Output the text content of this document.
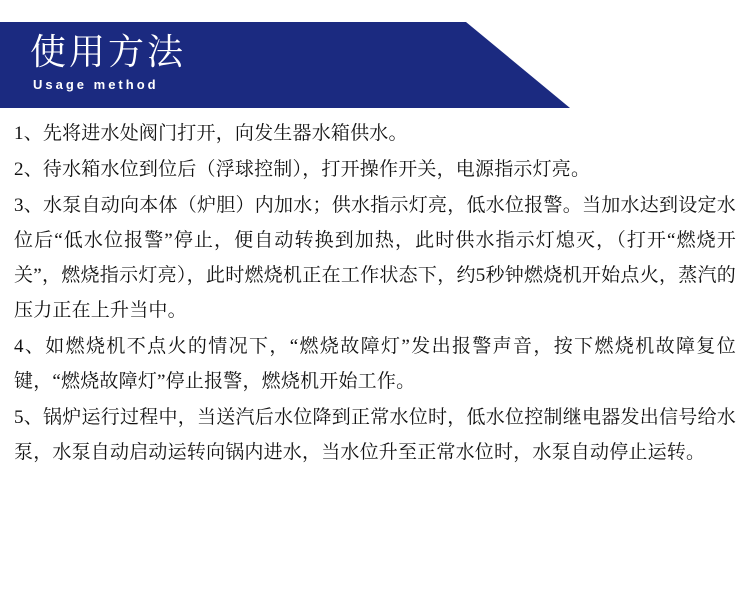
使用方法
Usage method

1、先将进水处阀门打开，向发生器水箱供水。

2、待水箱水位到位后（浮球控制），打开操作开关，电源指示灯亮。

3、水泵自动向本体（炉胆）内加水；供水指示灯亮，低水位报警。当加水达到设定水位后“低水位报警”停止，便自动转换到加热，此时供水指示灯熄灭，（打开“燃烧开关”，燃烧指示灯亮），此时燃烧机正在工作状态下，约5秒钟燃烧机开始点火，蒸汽的压力正在上升当中。

4、如燃烧机不点火的情况下，“燃烧故障灯”发出报警声音，按下燃烧机故障复位键，“燃烧故障灯”停止报警，燃烧机开始工作。

5、锅炉运行过程中，当送汽后水位降到正常水位时，低水位控制继电器发出信号给水泵，水泵自动启动运转向锅内进水，当水位升至正常水位时，水泵自动停止运转。
